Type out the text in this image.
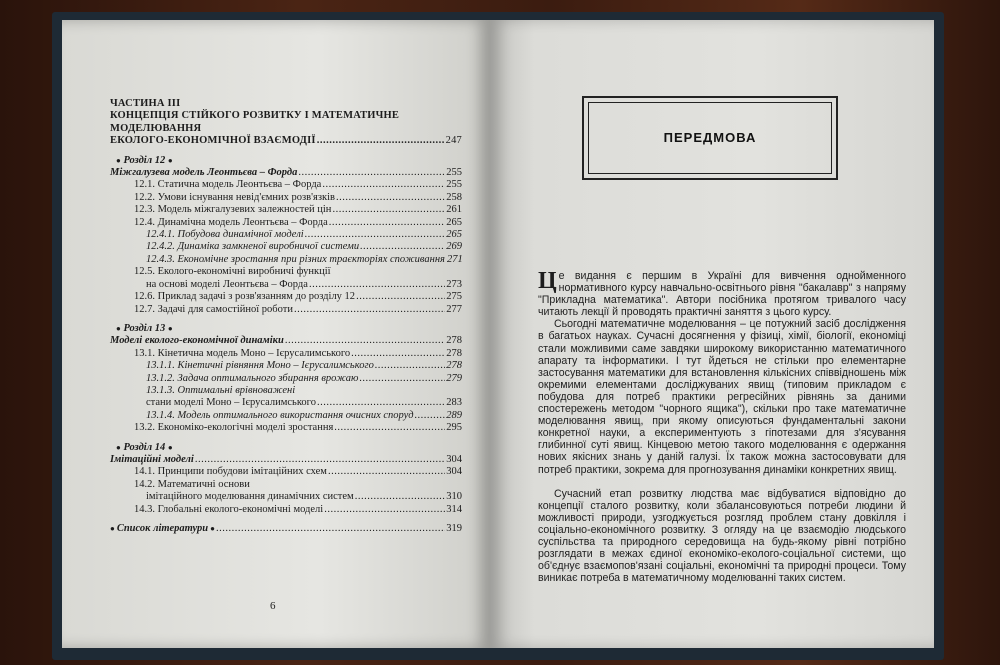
ЧАСТИНА III
КОНЦЕПЦІЯ СТІЙКОГО РОЗВИТКУ І МАТЕМАТИЧНЕ МОДЕЛЮВАННЯ
ЕКОЛОГО-ЕКОНОМІЧНОЇ ВЗАЄМОДІЇ .....	247
● Розділ 12 ●
Міжгалузева модель Леонтьєва – Форда .....	255
12.1. Статична модель Леонтьєва – Форда .....	255
12.2. Умови існування невід'ємних розв'язків .....	258
12.3. Модель міжгалузевих залежностей цін .....	261
12.4. Динамічна модель Леонтьєва – Форда .....	265
12.4.1. Побудова динамічної моделі .....	265
12.4.2. Динаміка замкненої виробничої системи .....	269
12.4.3. Економічне зростання при різних траєкторіях споживання 271
12.5. Еколого-економічні виробничі функції
на основі моделі Леонтьєва – Форда .....	273
12.6. Приклад задачі з розв'язанням до розділу 12 .....	275
12.7. Задачі для самостійної роботи .....	277
● Розділ 13 ●
Моделі еколого-економічної динаміки .....	278
13.1. Кінетична модель Моно – Ієрусалимського .....	278
13.1.1. Кінетичні рівняння Моно – Ієрусалимського .....	278
13.1.2. Задача оптимального збирання врожаю .....	279
13.1.3. Оптимальні врівноважені
стани моделі Моно – Ієрусалимського .....	283
13.1.4. Модель оптимального використання очисних споруд .....	289
13.2. Економіко-екологічні моделі зростання .....	295
● Розділ 14 ●
Імітаційні моделі .....	304
14.1. Принципи побудови імітаційних схем .....	304
14.2. Математичні основи
імітаційного моделювання динамічних систем .....	310
14.3. Глобальні еколого-економічні моделі .....	314
● Список літератури ● .....	319
6
ПЕРЕДМОВА

Це видання є першим в Україні для вивчення однойменного нормативного курсу навчально-освітнього рівня "бакалавр" з напряму "Прикладна математика". Автори посібника протягом тривалого часу читають лекції й проводять практичні заняття з цього курсу.

Сьогодні математичне моделювання – це потужний засіб дослідження в багатьох науках. Сучасні досягнення у фізиці, хімії, біології, економіці стали можливими саме завдяки широкому використанню математичного апарату та інформатики. І тут йдеться не стільки про елементарне застосування математики для встановлення кількісних співвідношень між окремими елементами досліджуваних явищ (типовим прикладом є побудова для потреб практики регресійних рівнянь за даними спостережень методом "чорного ящика"), скільки про таке математичне моделювання явищ, при якому описуються фундаментальні закони конкретної науки, а експериментують з гіпотезами для з'ясування глибинної суті явищ. Кінцевою метою такого моделювання є одержання нових якісних знань у даній галузі. Їх також можна застосовувати для потреб практики, зокрема для прогнозування динаміки конкретних явищ.

Сучасний етап розвитку людства має відбуватися відповідно до концепції сталого розвитку, коли збалансовуються потреби людини й можливості природи, узгоджується розгляд проблем стану довкілля і соціально-економічного розвитку. З огляду на це взаємодію людського суспільства та природного середовища на будь-якому рівні потрібно розглядати в межах єдиної економіко-еколого-соціальної системи, що об'єднує взаємопов'язані соціальні, економічні та природні процеси. Тому виникає потреба в математичному моделюванні таких систем.
